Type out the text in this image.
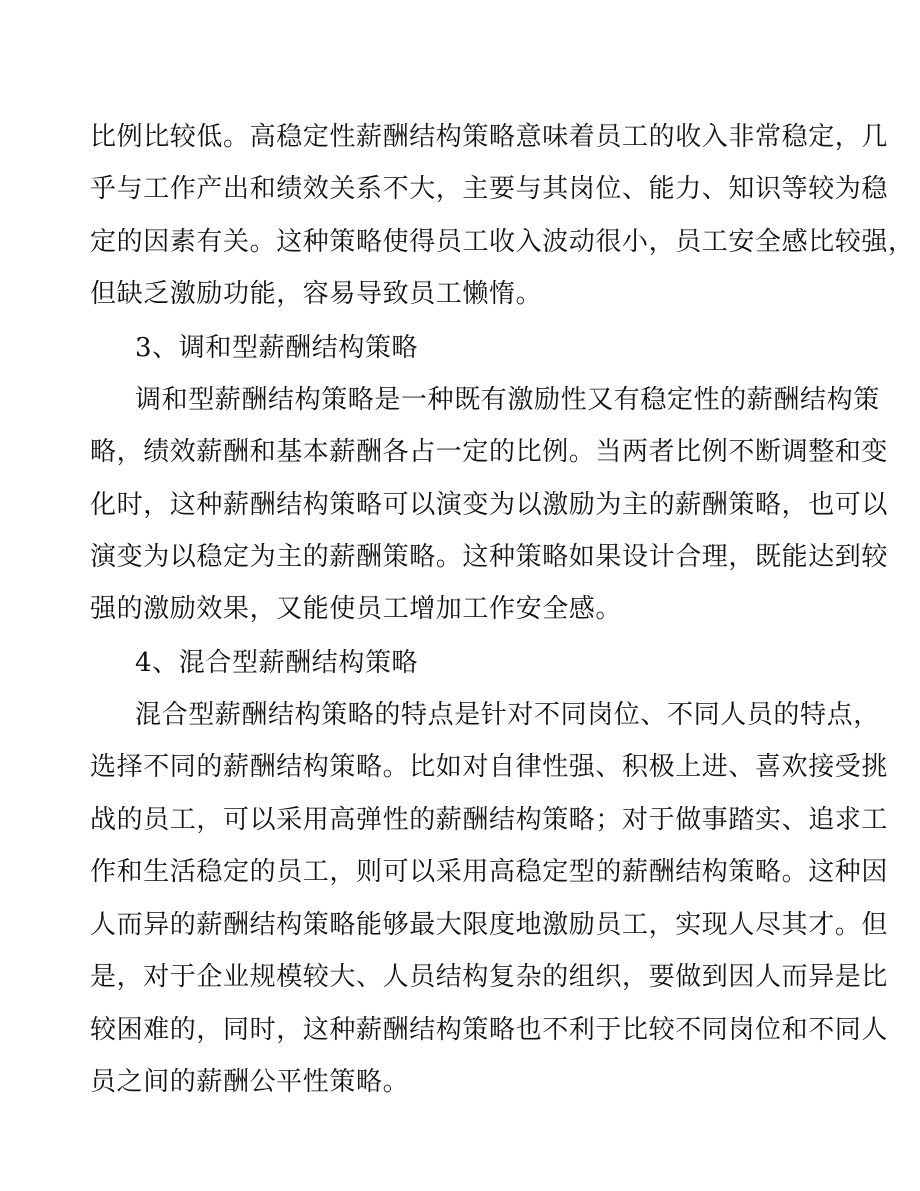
比例比较低。高稳定性薪酬结构策略意味着员工的收入非常稳定，几
乎与工作产出和绩效关系不大，主要与其岗位、能力、知识等较为稳
定的因素有关。这种策略使得员工收入波动很小，员工安全感比较强，
但缺乏激励功能，容易导致员工懒惰。
3、调和型薪酬结构策略
调和型薪酬结构策略是一种既有激励性又有稳定性的薪酬结构策
略，绩效薪酬和基本薪酬各占一定的比例。当两者比例不断调整和变
化时，这种薪酬结构策略可以演变为以激励为主的薪酬策略，也可以
演变为以稳定为主的薪酬策略。这种策略如果设计合理，既能达到较
强的激励效果，又能使员工增加工作安全感。
4、混合型薪酬结构策略
混合型薪酬结构策略的特点是针对不同岗位、不同人员的特点，
选择不同的薪酬结构策略。比如对自律性强、积极上进、喜欢接受挑
战的员工，可以采用高弹性的薪酬结构策略；对于做事踏实、追求工
作和生活稳定的员工，则可以采用高稳定型的薪酬结构策略。这种因
人而异的薪酬结构策略能够最大限度地激励员工，实现人尽其才。但
是，对于企业规模较大、人员结构复杂的组织，要做到因人而异是比
较困难的，同时，这种薪酬结构策略也不利于比较不同岗位和不同人
员之间的薪酬公平性策略。
